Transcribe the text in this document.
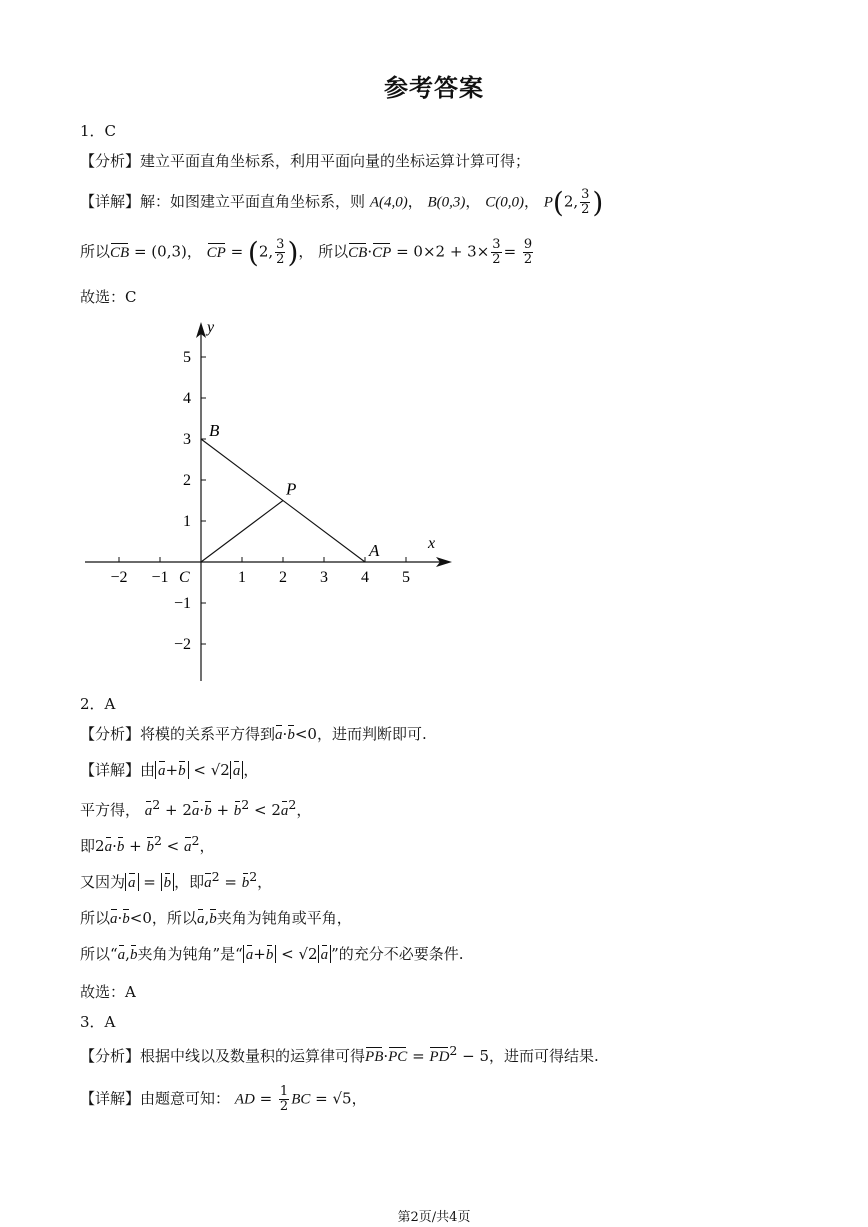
参考答案
1．C
【分析】建立平面直角坐标系，利用平面向量的坐标运算计算可得；
【详解】解：如图建立平面直角坐标系，则 A(4,0)， B(0,3)， C(0,0)， P(2, $\frac{3}{2}$ )
所以CB = (0,3)， CP = (2, $\frac{3}{2}$ )， 所以$CB\cdot CP = 0\times 2 + 3\times \frac{3}{2} = \frac{9}{2}$
故选：C
x
y
−2 −1	1 2 3 4 5
5
4
3
2
1
−1
−2
C
B
P
A
2．A
【分析】将模的关系平方得到a·b<0，进而判断即可.
【详解】由 a+b < √2 a ，
平方得， $a^2 + 2a\cdot b + b^2 < 2a^2$，
即$2a\cdot b + b^2 < a^2$，
又因为 a = b ，即$a^2 = b^2$，
所以a·b<0，所以a,b夹角为钝角或平角，
所以“a,b夹角为钝角”是“ a+b < √2 a ”的充分不必要条件.
故选：A
3．A
【分析】根据中线以及数量积的运算律可得$PB\cdot PC = PD^2 - 5$，进而可得结果.
【详解】由题意可知： AD = $\frac{1}{2}$ BC = √5，
第2页/共4页
